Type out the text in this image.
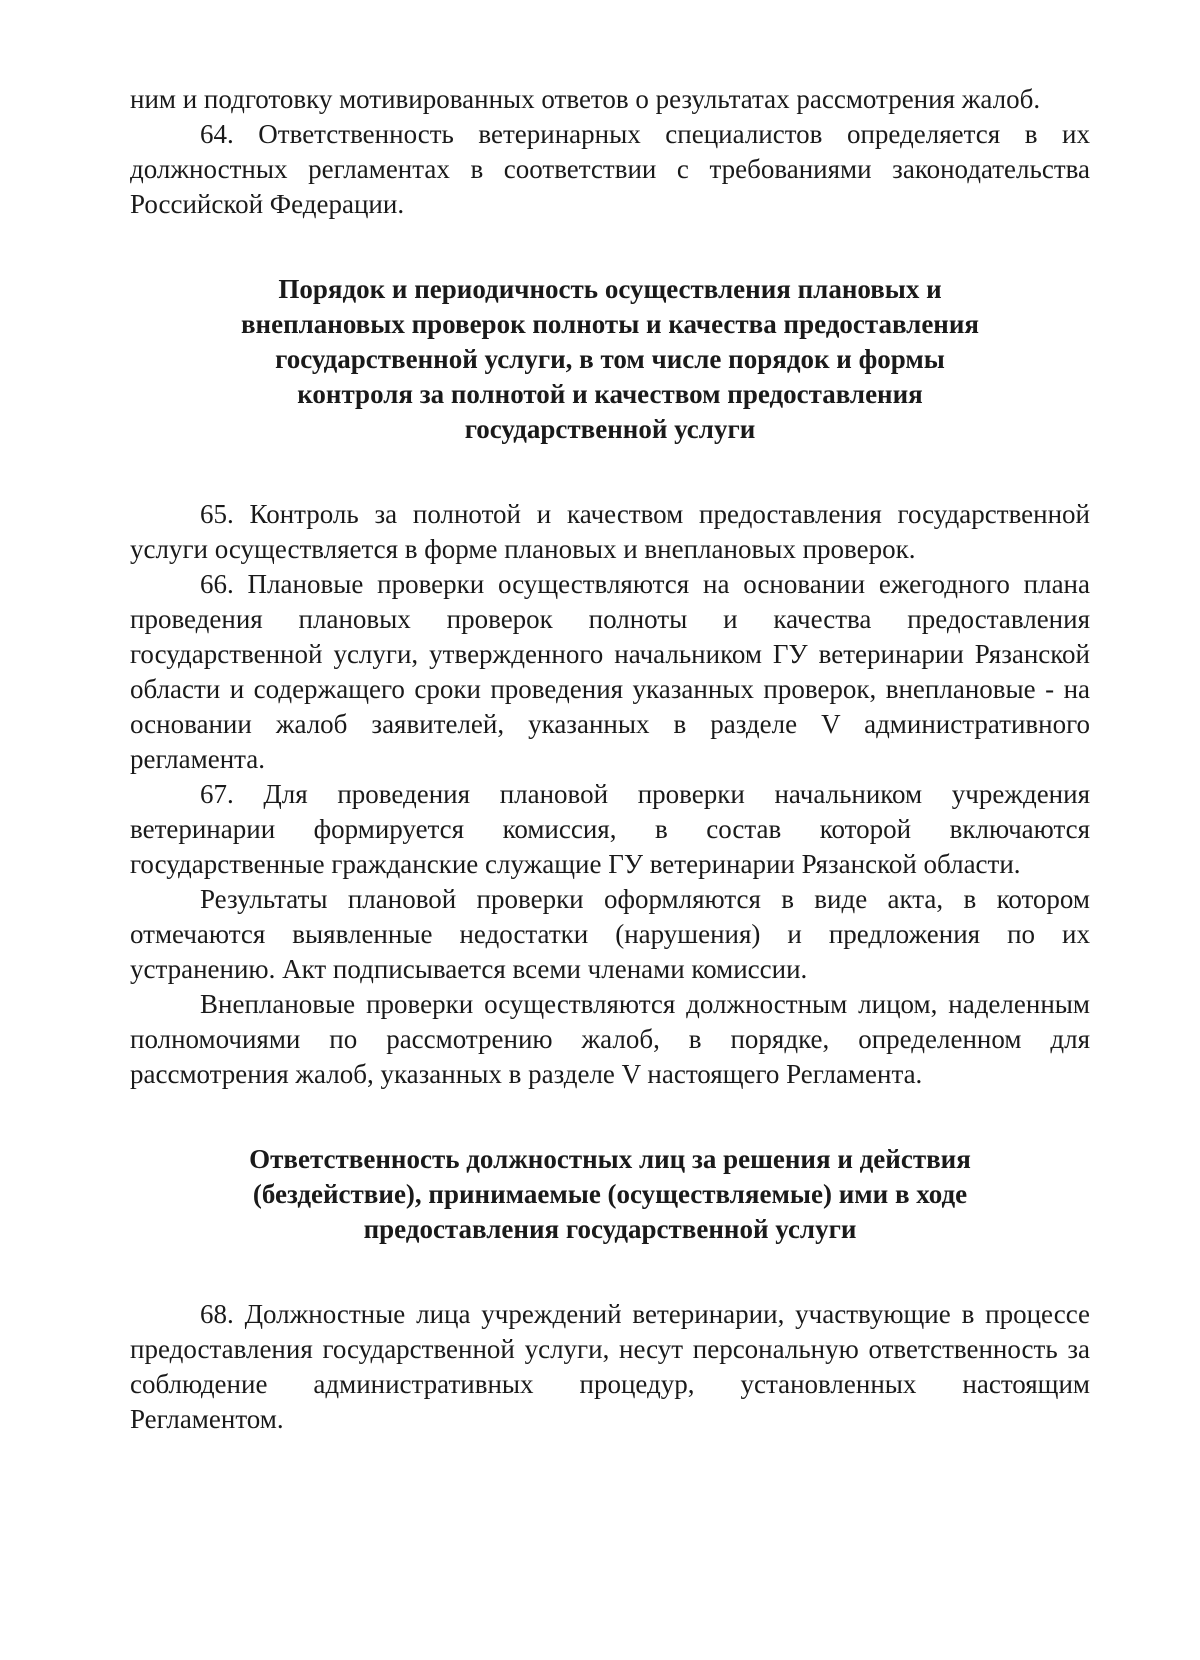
ним и подготовку мотивированных ответов о результатах рассмотрения жалоб.

64. Ответственность ветеринарных специалистов определяется в их должностных регламентах в соответствии с требованиями законодательства Российской Федерации.

Порядок и периодичность осуществления плановых и
внеплановых проверок полноты и качества предоставления
государственной услуги, в том числе порядок и формы
контроля за полнотой и качеством предоставления
государственной услуги

65. Контроль за полнотой и качеством предоставления государственной услуги осуществляется в форме плановых и внеплановых проверок.

66. Плановые проверки осуществляются на основании ежегодного плана проведения плановых проверок полноты и качества предоставления государственной услуги, утвержденного начальником ГУ ветеринарии Рязанской области и содержащего сроки проведения указанных проверок, внеплановые - на основании жалоб заявителей, указанных в разделе V административного регламента.

67. Для проведения плановой проверки начальником учреждения ветеринарии формируется комиссия, в состав которой включаются государственные гражданские служащие ГУ ветеринарии Рязанской области.

Результаты плановой проверки оформляются в виде акта, в котором отмечаются выявленные недостатки (нарушения) и предложения по их устранению. Акт подписывается всеми членами комиссии.

Внеплановые проверки осуществляются должностным лицом, наделенным полномочиями по рассмотрению жалоб, в порядке, определенном для рассмотрения жалоб, указанных в разделе V настоящего Регламента.

Ответственность должностных лиц за решения и действия
(бездействие), принимаемые (осуществляемые) ими в ходе
предоставления государственной услуги

68. Должностные лица учреждений ветеринарии, участвующие в процессе предоставления государственной услуги, несут персональную ответственность за соблюдение административных процедур, установленных настоящим Регламентом.
